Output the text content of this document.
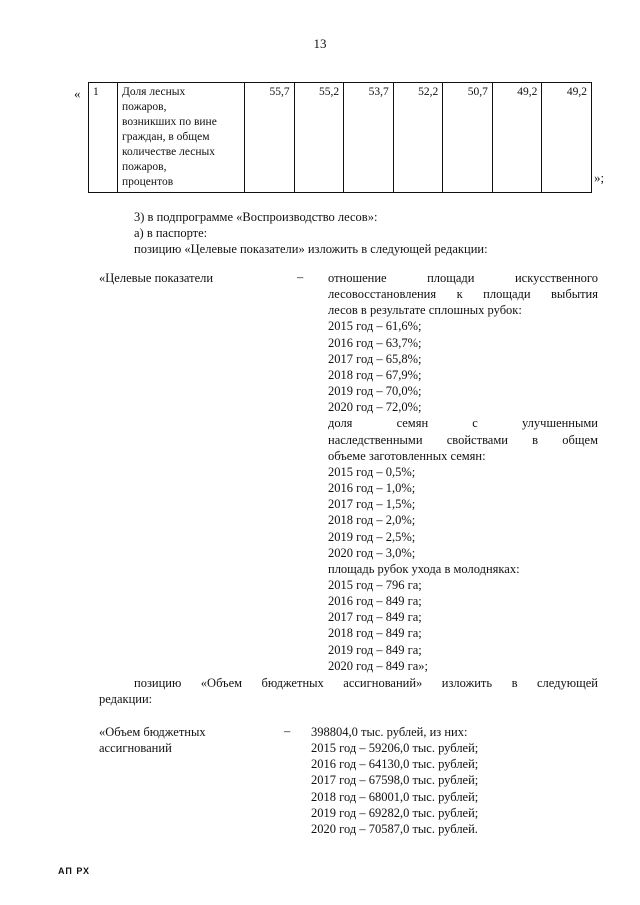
13
« 1	Доля лесных
пожаров,
возникших по вине
граждан, в общем
количестве лесных
пожаров,
процентов
	55,7	55,2	53,7	52,2	50,7	49,2	49,2
»;
3) в подпрограмме «Воспроизводство лесов»:
а) в паспорте:
позицию «Целевые показатели» изложить в следующей редакции:
«Целевые показатели	– отношение площади искусственного
лесовосстановления к площади выбытия
лесов в результате сплошных рубок:
2015 год – 61,6%;
2016 год – 63,7%;
2017 год – 65,8%;
2018 год – 67,9%;
2019 год – 70,0%;
2020 год – 72,0%;
доля семян с улучшенными
наследственными свойствами в общем
объеме заготовленных семян:
2015 год – 0,5%;
2016 год – 1,0%;
2017 год – 1,5%;
2018 год – 2,0%;
2019 год – 2,5%;
2020 год – 3,0%;
площадь рубок ухода в молодняках:
2015 год – 796 га;
2016 год – 849 га;
2017 год – 849 га;
2018 год – 849 га;
2019 год – 849 га;
2020 год – 849 га»;
позицию «Объем бюджетных ассигнований» изложить в следующей
редакции:
«Объем бюджетных
ассигнований
– 398804,0 тыс. рублей, из них:
2015 год – 59206,0 тыс. рублей;
2016 год – 64130,0 тыс. рублей;
2017 год – 67598,0 тыс. рублей;
2018 год – 68001,0 тыс. рублей;
2019 год – 69282,0 тыс. рублей;
2020 год – 70587,0 тыс. рублей.
АП РХ
